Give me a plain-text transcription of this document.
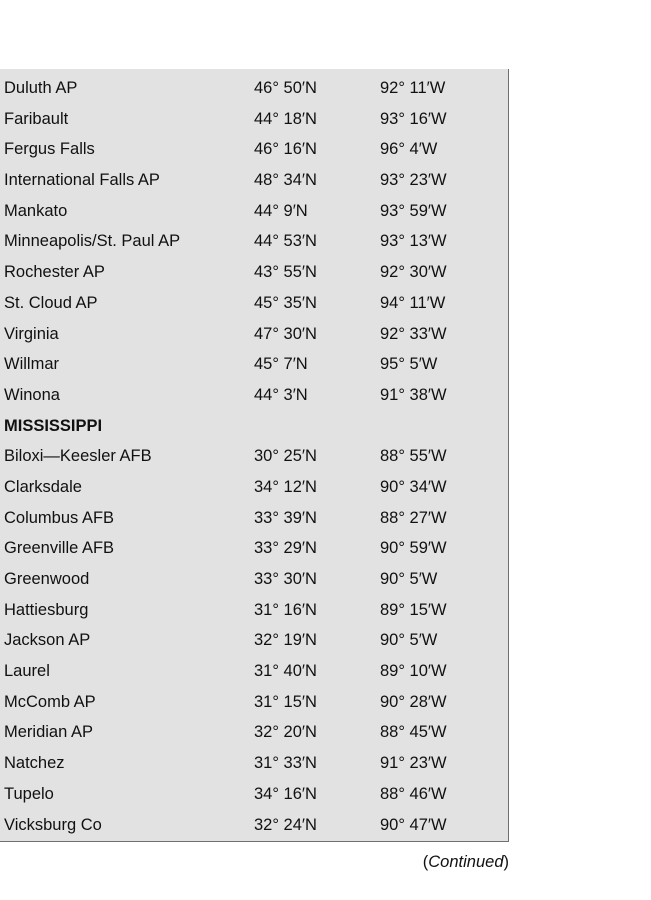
Duluth AP	46° 50′N	92° 11′W
Faribault	44° 18′N	93° 16′W
Fergus Falls	46° 16′N	96° 4′W
International Falls AP	48° 34′N	93° 23′W
Mankato	44° 9′N	93° 59′W
Minneapolis/St. Paul AP	44° 53′N	93° 13′W
Rochester AP	43° 55′N	92° 30′W
St. Cloud AP	45° 35′N	94° 11′W
Virginia	47° 30′N	92° 33′W
Willmar	45° 7′N	95° 5′W
Winona	44° 3′N	91° 38′W
MISSISSIPPI
Biloxi—Keesler AFB	30° 25′N	88° 55′W
Clarksdale	34° 12′N	90° 34′W
Columbus AFB	33° 39′N	88° 27′W
Greenville AFB	33° 29′N	90° 59′W
Greenwood	33° 30′N	90° 5′W
Hattiesburg	31° 16′N	89° 15′W
Jackson AP	32° 19′N	90° 5′W
Laurel	31° 40′N	89° 10′W
McComb AP	31° 15′N	90° 28′W
Meridian AP	32° 20′N	88° 45′W
Natchez	31° 33′N	91° 23′W
Tupelo	34° 16′N	88° 46′W
Vicksburg Co	32° 24′N	90° 47′W
(Continued)
